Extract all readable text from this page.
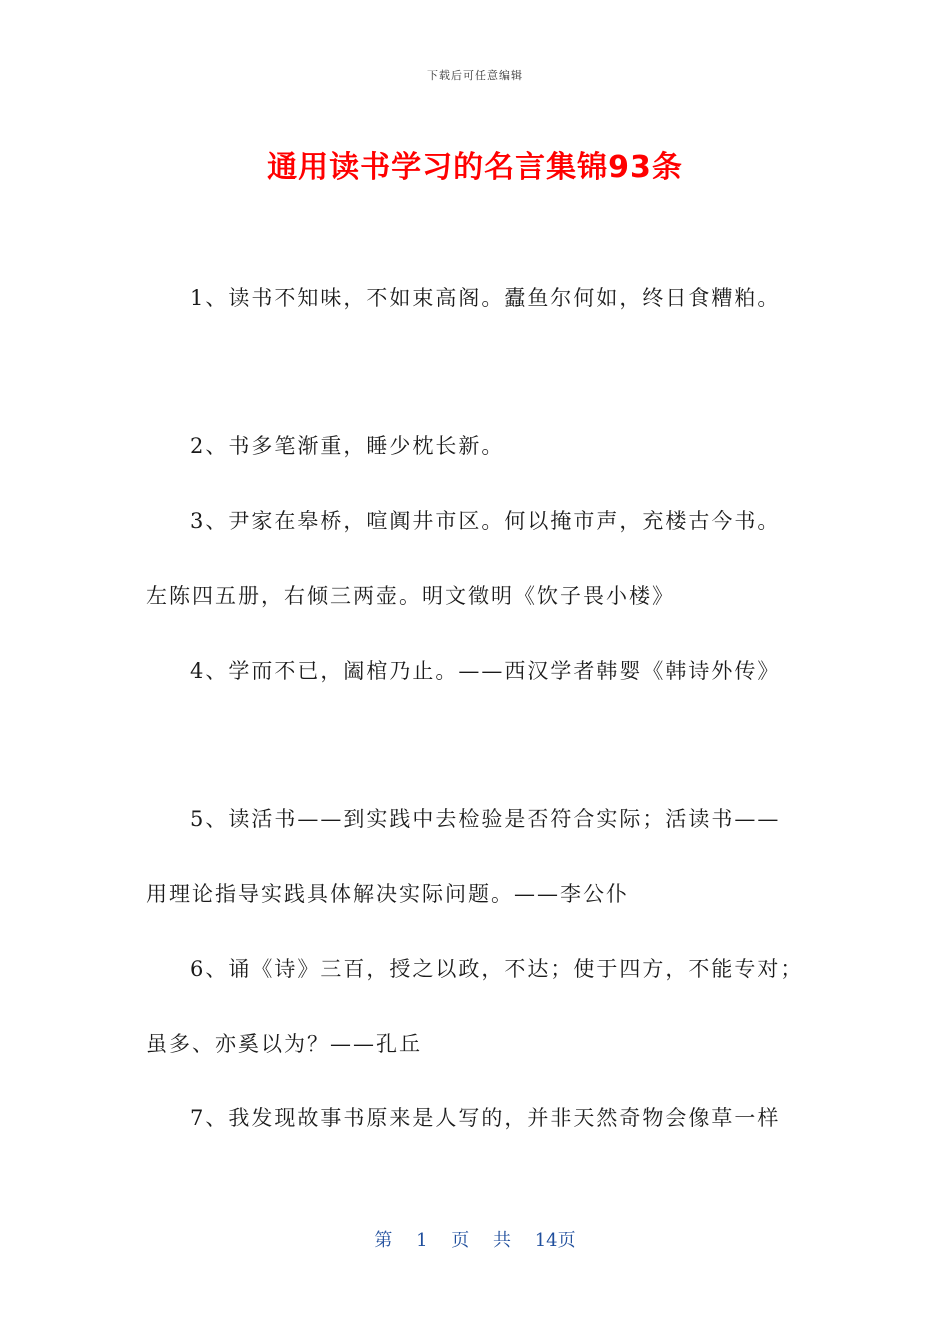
下载后可任意编辑
通用读书学习的名言集锦93条
1、读书不知味，不如束高阁。蠹鱼尔何如，终日食糟粕。
2、书多笔渐重，睡少枕长新。
3、尹家在皋桥，喧阗井市区。何以掩市声，充楼古今书。
左陈四五册，右倾三两壶。明文徵明《饮子畏小楼》
4、学而不已，阖棺乃止。——西汉学者韩婴《韩诗外传》
5、读活书——到实践中去检验是否符合实际；活读书——
用理论指导实践具体解决实际问题。——李公仆
6、诵《诗》三百，授之以政，不达；使于四方，不能专对；
虽多、亦奚以为？——孔丘
7、我发现故事书原来是人写的，并非天然奇物会像草一样
第 1 页 共 14页
